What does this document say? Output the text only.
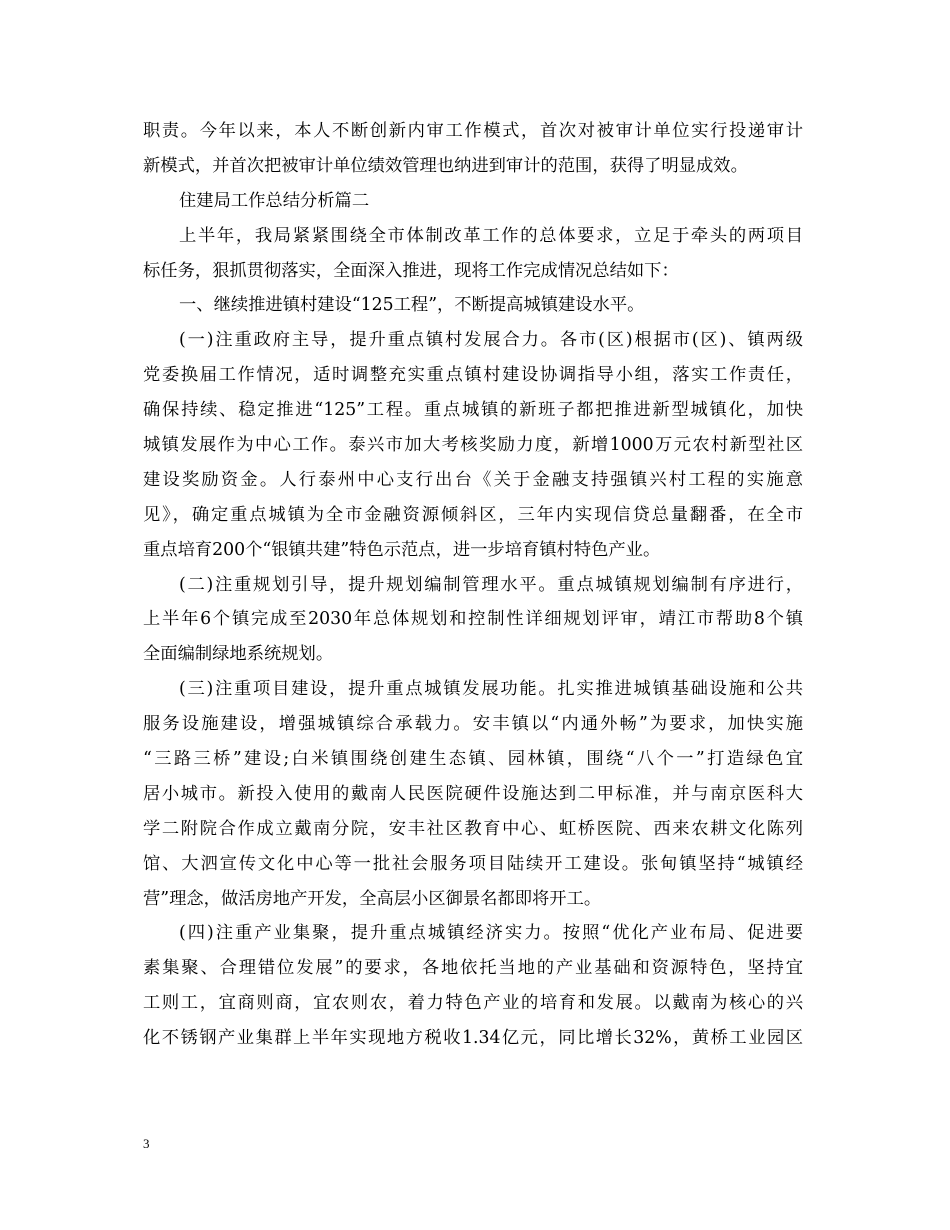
职责。今年以来，本人不断创新内审工作模式，首次对被审计单位实行投递审计
新模式，并首次把被审计单位绩效管理也纳进到审计的范围，获得了明显成效。
住建局工作总结分析篇二
上半年，我局紧紧围绕全市体制改革工作的总体要求，立足于牵头的两项目
标任务，狠抓贯彻落实，全面深入推进，现将工作完成情况总结如下：
一、继续推进镇村建设“125工程”，不断提高城镇建设水平。
(一)注重政府主导，提升重点镇村发展合力。各市(区)根据市(区)、镇两级
党委换届工作情况，适时调整充实重点镇村建设协调指导小组，落实工作责任，
确保持续、稳定推进“125”工程。重点城镇的新班子都把推进新型城镇化，加快
城镇发展作为中心工作。泰兴市加大考核奖励力度，新增1000万元农村新型社区
建设奖励资金。人行泰州中心支行出台《关于金融支持强镇兴村工程的实施意
见》，确定重点城镇为全市金融资源倾斜区，三年内实现信贷总量翻番，在全市
重点培育200个“银镇共建”特色示范点，进一步培育镇村特色产业。
(二)注重规划引导，提升规划编制管理水平。重点城镇规划编制有序进行，
上半年6个镇完成至2030年总体规划和控制性详细规划评审，靖江市帮助8个镇
全面编制绿地系统规划。
(三)注重项目建设，提升重点城镇发展功能。扎实推进城镇基础设施和公共
服务设施建设，增强城镇综合承载力。安丰镇以“内通外畅”为要求，加快实施
“三路三桥”建设;白米镇围绕创建生态镇、园林镇，围绕“八个一”打造绿色宜
居小城市。新投入使用的戴南人民医院硬件设施达到二甲标准，并与南京医科大
学二附院合作成立戴南分院，安丰社区教育中心、虹桥医院、西来农耕文化陈列
馆、大泗宣传文化中心等一批社会服务项目陆续开工建设。张甸镇坚持“城镇经
营”理念，做活房地产开发，全高层小区御景名都即将开工。
(四)注重产业集聚，提升重点城镇经济实力。按照“优化产业布局、促进要
素集聚、合理错位发展”的要求，各地依托当地的产业基础和资源特色，坚持宜
工则工，宜商则商，宜农则农，着力特色产业的培育和发展。以戴南为核心的兴
化不锈钢产业集群上半年实现地方税收1.34亿元，同比增长32%，黄桥工业园区
3
